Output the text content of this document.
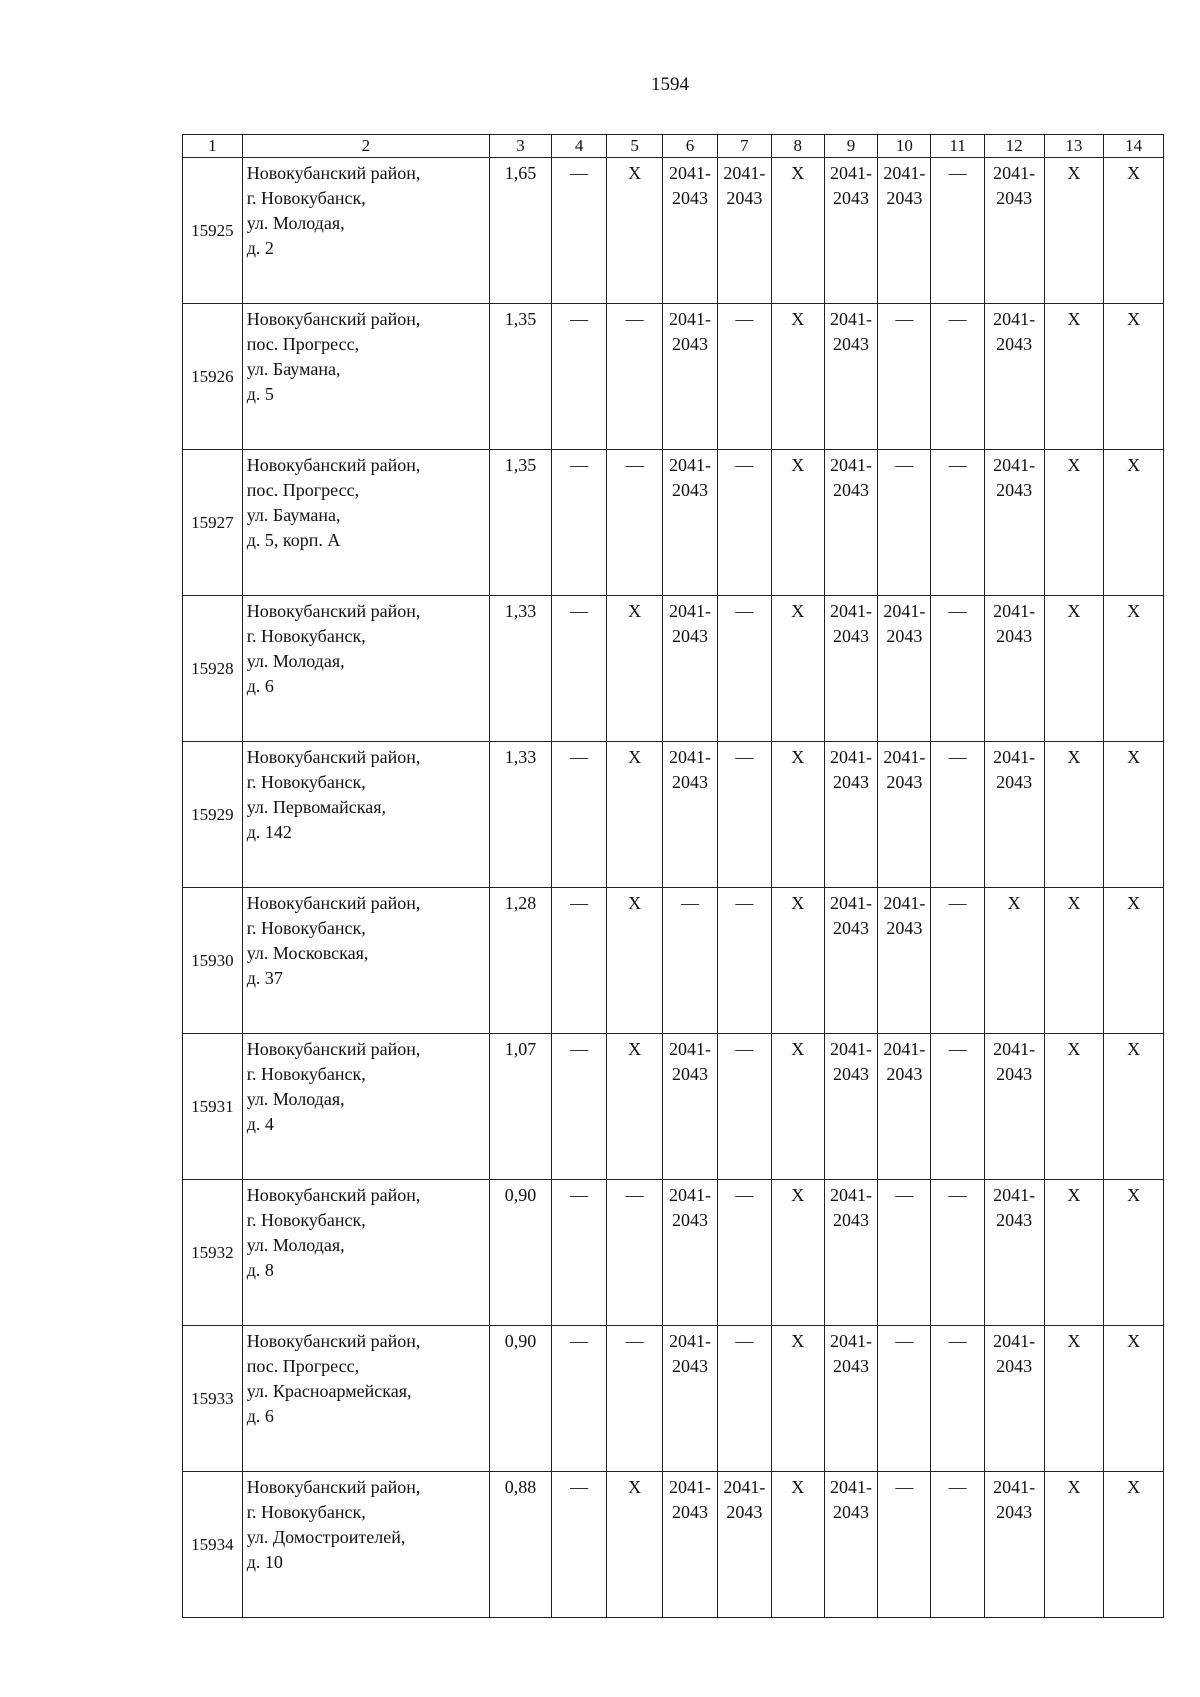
1594
1	2	3	4	5	6	7	8	9	10	11	12	13	14
15925	Новокубанский район,
г. Новокубанск,
ул. Молодая,
д. 2	1,65	—	Х	2041-
2043	2041-
2043	Х	2041-
2043	2041-
2043	—	2041-
2043	Х	Х
15926	Новокубанский район,
пос. Прогресс,
ул. Баумана,
д. 5	1,35	—	—	2041-
2043	—	Х	2041-
2043	—	—	2041-
2043	Х	Х
15927	Новокубанский район,
пос. Прогресс,
ул. Баумана,
д. 5, корп. А	1,35	—	—	2041-
2043	—	Х	2041-
2043	—	—	2041-
2043	Х	Х
15928	Новокубанский район,
г. Новокубанск,
ул. Молодая,
д. 6	1,33	—	Х	2041-
2043	—	Х	2041-
2043	2041-
2043	—	2041-
2043	Х	Х
15929	Новокубанский район,
г. Новокубанск,
ул. Первомайская,
д. 142	1,33	—	Х	2041-
2043	—	Х	2041-
2043	2041-
2043	—	2041-
2043	Х	Х
15930	Новокубанский район,
г. Новокубанск,
ул. Московская,
д. 37	1,28	—	Х	—	—	Х	2041-
2043	2041-
2043	—	Х	Х	Х
15931	Новокубанский район,
г. Новокубанск,
ул. Молодая,
д. 4	1,07	—	Х	2041-
2043	—	Х	2041-
2043	2041-
2043	—	2041-
2043	Х	Х
15932	Новокубанский район,
г. Новокубанск,
ул. Молодая,
д. 8	0,90	—	—	2041-
2043	—	Х	2041-
2043	—	—	2041-
2043	Х	Х
15933	Новокубанский район,
пос. Прогресс,
ул. Красноармейская,
д. 6	0,90	—	—	2041-
2043	—	Х	2041-
2043	—	—	2041-
2043	Х	Х
15934	Новокубанский район,
г. Новокубанск,
ул. Домостроителей,
д. 10	0,88	—	Х	2041-
2043	2041-
2043	Х	2041-
2043	—	—	2041-
2043	Х	Х
